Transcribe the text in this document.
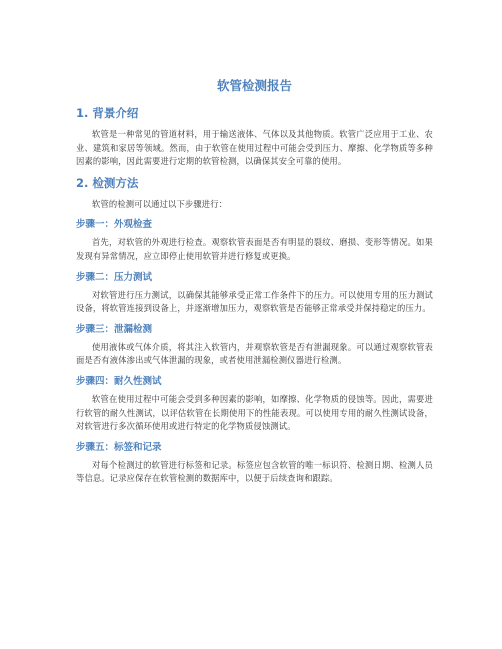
软管检测报告
1. 背景介绍

软管是一种常见的管道材料，用于输送液体、气体以及其他物质。软管广泛应用于工业、农业、建筑和家居等领域。然而，由于软管在使用过程中可能会受到压力、摩擦、化学物质等多种因素的影响，因此需要进行定期的软管检测，以确保其安全可靠的使用。

2. 检测方法

软管的检测可以通过以下步骤进行：

步骤一：外观检查

首先，对软管的外观进行检查。观察软管表面是否有明显的裂纹、磨损、变形等情况。如果发现有异常情况，应立即停止使用软管并进行修复或更换。

步骤二：压力测试

对软管进行压力测试，以确保其能够承受正常工作条件下的压力。可以使用专用的压力测试设备，将软管连接到设备上，并逐渐增加压力，观察软管是否能够正常承受并保持稳定的压力。

步骤三：泄漏检测

使用液体或气体介质，将其注入软管内，并观察软管是否有泄漏现象。可以通过观察软管表面是否有液体渗出或气体泄漏的现象，或者使用泄漏检测仪器进行检测。

步骤四：耐久性测试

软管在使用过程中可能会受到多种因素的影响，如摩擦、化学物质的侵蚀等。因此，需要进行软管的耐久性测试，以评估软管在长期使用下的性能表现。可以使用专用的耐久性测试设备，对软管进行多次循环使用或进行特定的化学物质侵蚀测试。

步骤五：标签和记录

对每个检测过的软管进行标签和记录。标签应包含软管的唯一标识符、检测日期、检测人员等信息。记录应保存在软管检测的数据库中，以便于后续查询和跟踪。
